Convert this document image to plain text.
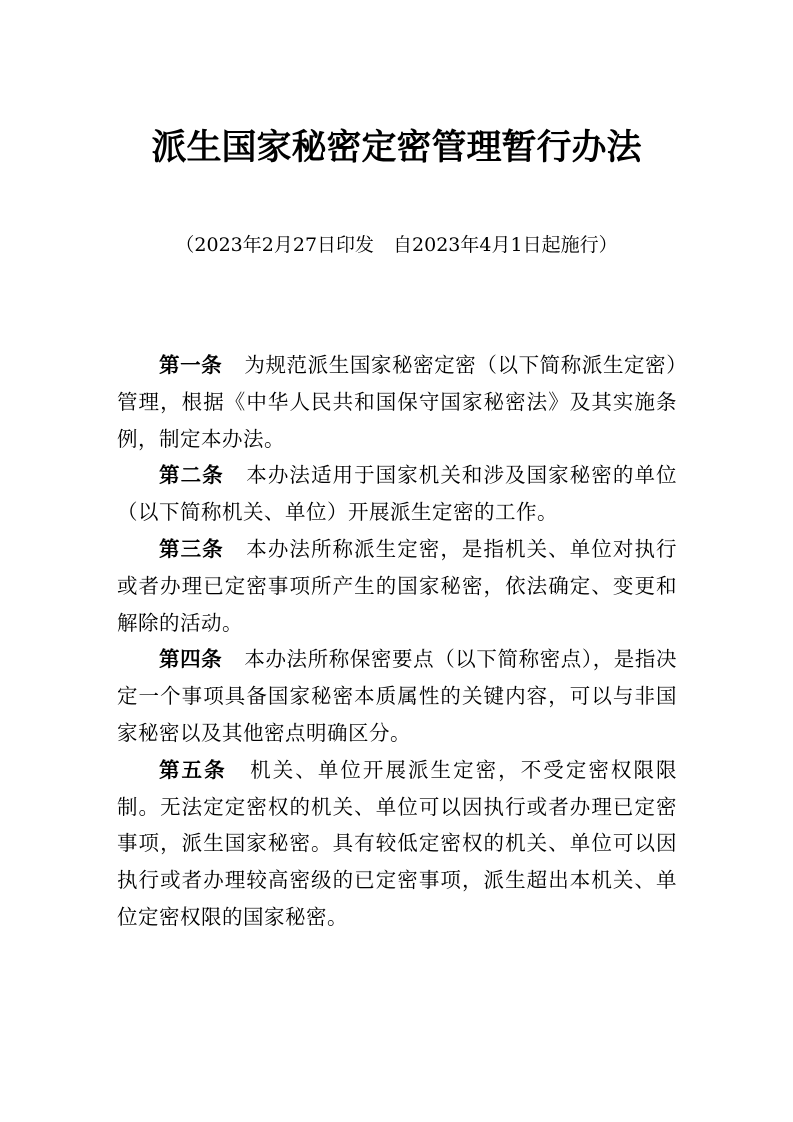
派生国家秘密定密管理暂行办法

（2023年2月27日印发　自2023年4月1日起施行）

第一条 为规范派生国家秘密定密（以下简称派生定密）管理，根据《中华人民共和国保守国家秘密法》及其实施条例，制定本办法。

第二条 本办法适用于国家机关和涉及国家秘密的单位（以下简称机关、单位）开展派生定密的工作。

第三条 本办法所称派生定密，是指机关、单位对执行或者办理已定密事项所产生的国家秘密，依法确定、变更和解除的活动。

第四条 本办法所称保密要点（以下简称密点），是指决定一个事项具备国家秘密本质属性的关键内容，可以与非国家秘密以及其他密点明确区分。

第五条 机关、单位开展派生定密，不受定密权限限制。无法定定密权的机关、单位可以因执行或者办理已定密事项，派生国家秘密。具有较低定密权的机关、单位可以因执行或者办理较高密级的已定密事项，派生超出本机关、单位定密权限的国家秘密。
